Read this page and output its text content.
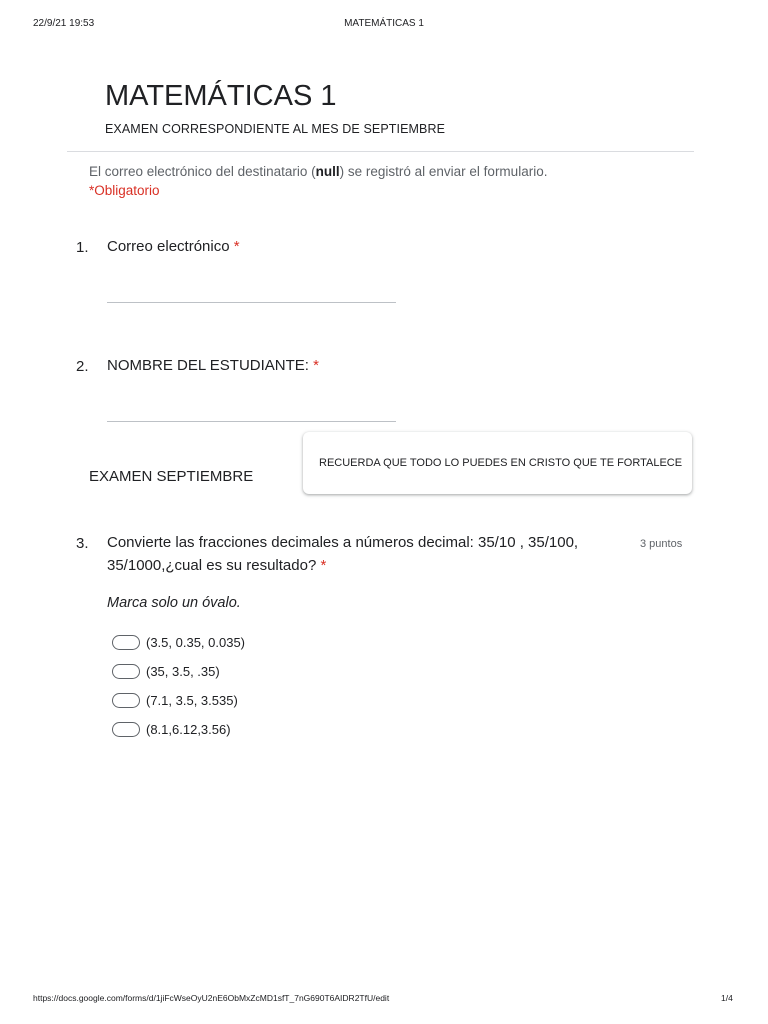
22/9/21 19:53	MATEMÁTICAS 1
MATEMÁTICAS 1
EXAMEN CORRESPONDIENTE AL MES DE SEPTIEMBRE
El correo electrónico del destinatario (null) se registró al enviar el formulario.
*Obligatorio
1. Correo electrónico *
2. NOMBRE DEL ESTUDIANTE: *
EXAMEN SEPTIEMBRE
RECUERDA QUE TODO LO PUEDES EN CRISTO QUE TE FORTALECE
3. Convierte las fracciones decimales a números decimal: 35/10 , 35/100,
35/1000,¿cual es su resultado? *
3 puntos
Marca solo un óvalo.
(3.5, 0.35, 0.035)
(35, 3.5, .35)
(7.1, 3.5, 3.535)
(8.1,6.12,3.56)
https://docs.google.com/forms/d/1jiFcWseOyU2nE6ObMxZcMD1sfT_7nG690T6AIDR2TfU/edit	1/4
